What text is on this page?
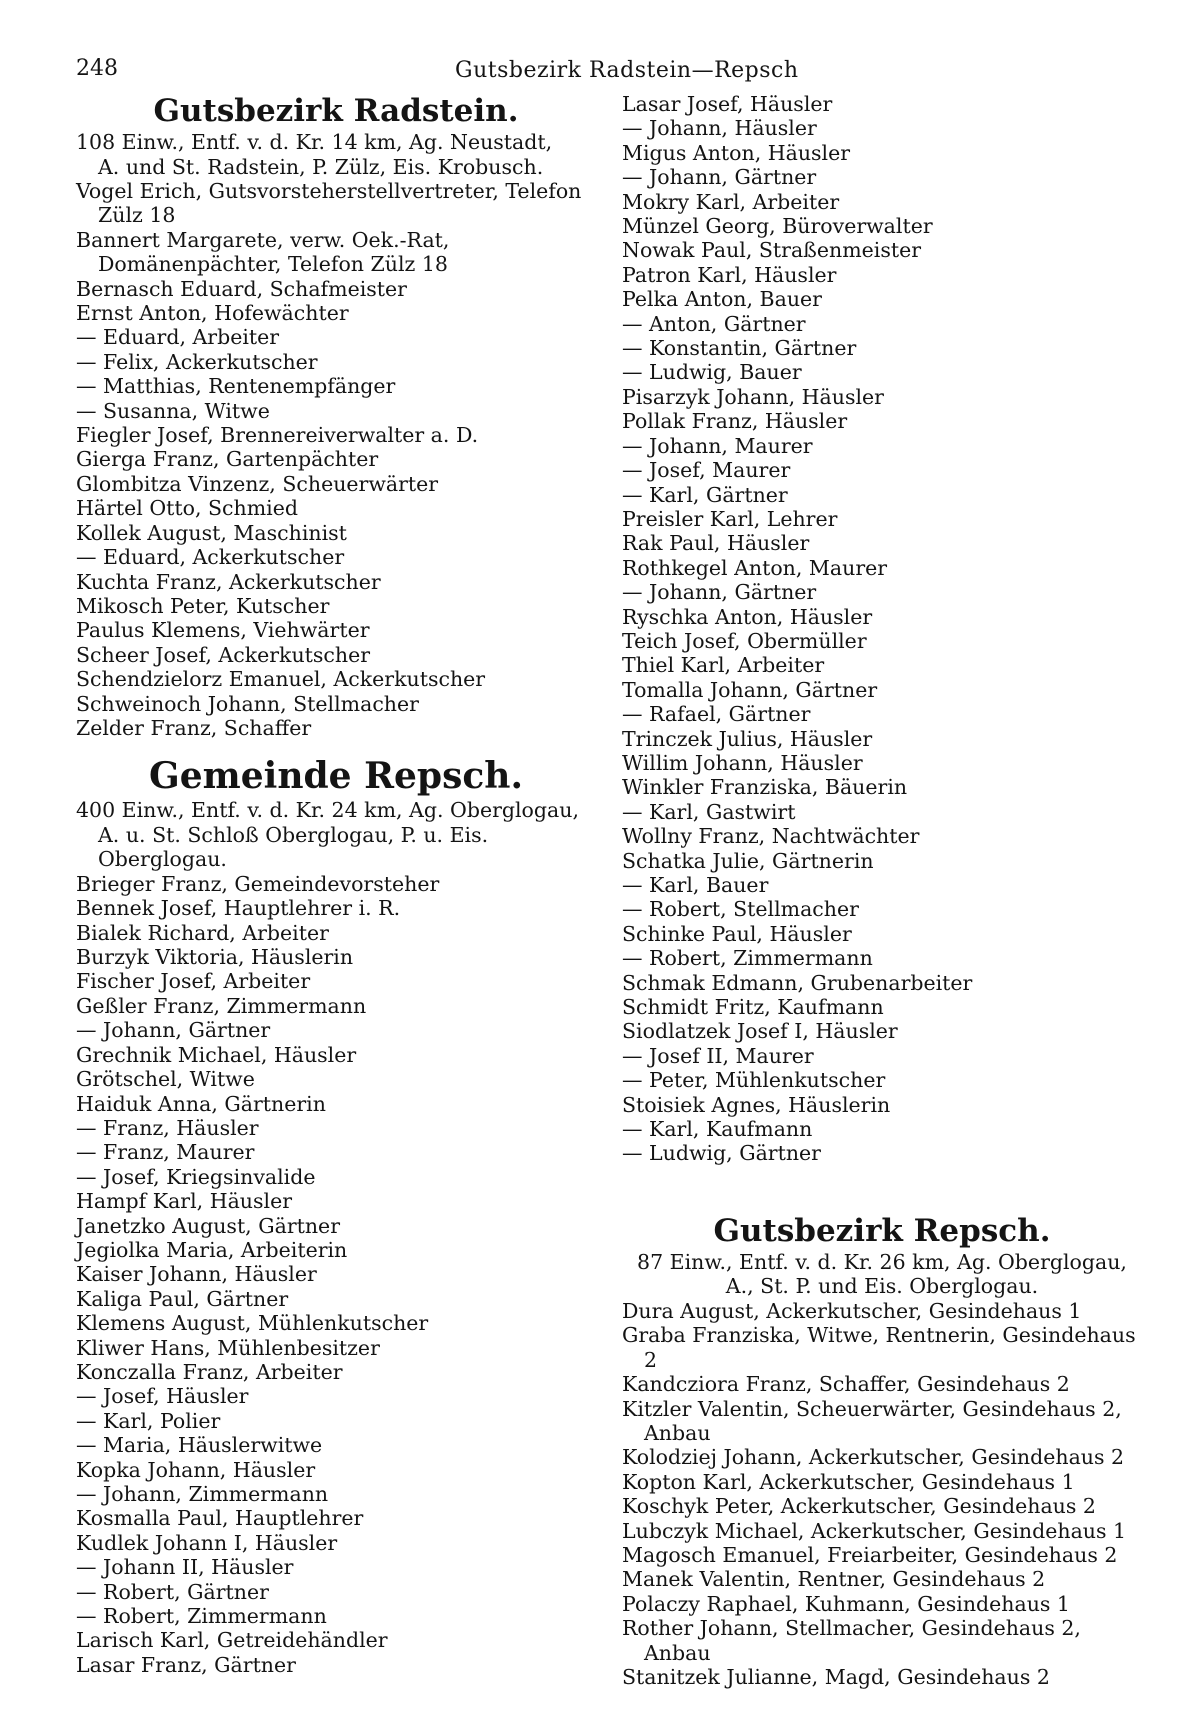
248	Gutsbezirk Radstein—Repsch
Gutsbezirk Radstein.

108 Einw., Entf. v. d. Kr. 14 km, Ag. Neustadt,
A. und St. Radstein, P. Zülz, Eis. Krobusch.

Vogel Erich, Gutsvorsteherstellvertreter, Telefon Zülz 18
Bannert Margarete, verw. Oek.-Rat, Domänenpächter, Telefon Zülz 18
Bernasch Eduard, Schafmeister
Ernst Anton, Hofewächter
— Eduard, Arbeiter
— Felix, Ackerkutscher
— Matthias, Rentenempfänger
— Susanna, Witwe
Fiegler Josef, Brennereiverwalter a. D.
Gierga Franz, Gartenpächter
Glombitza Vinzenz, Scheuerwärter
Härtel Otto, Schmied
Kollek August, Maschinist
— Eduard, Ackerkutscher
Kuchta Franz, Ackerkutscher
Mikosch Peter, Kutscher
Paulus Klemens, Viehwärter
Scheer Josef, Ackerkutscher
Schendzielorz Emanuel, Ackerkutscher
Schweinoch Johann, Stellmacher
Zelder Franz, Schaffer
Gemeinde Repsch.

400 Einw., Entf. v. d. Kr. 24 km, Ag. Oberglogau,
A. u. St. Schloß Oberglogau, P. u. Eis. Oberglogau.

Brieger Franz, Gemeindevorsteher
Bennek Josef, Hauptlehrer i. R.
Bialek Richard, Arbeiter
Burzyk Viktoria, Häuslerin
Fischer Josef, Arbeiter
Geßler Franz, Zimmermann
— Johann, Gärtner
Grechnik Michael, Häusler
Grötschel, Witwe
Haiduk Anna, Gärtnerin
— Franz, Häusler
— Franz, Maurer
— Josef, Kriegsinvalide
Hampf Karl, Häusler
Janetzko August, Gärtner
Jegiolka Maria, Arbeiterin
Kaiser Johann, Häusler
Kaliga Paul, Gärtner
Klemens August, Mühlenkutscher
Kliwer Hans, Mühlenbesitzer
Konczalla Franz, Arbeiter
— Josef, Häusler
— Karl, Polier
— Maria, Häuslerwitwe
Kopka Johann, Häusler
— Johann, Zimmermann
Kosmalla Paul, Hauptlehrer
Kudlek Johann I, Häusler
— Johann II, Häusler
— Robert, Gärtner
— Robert, Zimmermann
Larisch Karl, Getreidehändler
Lasar Franz, Gärtner
Lasar Josef, Häusler
— Johann, Häusler
Migus Anton, Häusler
— Johann, Gärtner
Mokry Karl, Arbeiter
Münzel Georg, Büroverwalter
Nowak Paul, Straßenmeister
Patron Karl, Häusler
Pelka Anton, Bauer
— Anton, Gärtner
— Konstantin, Gärtner
— Ludwig, Bauer
Pisarzyk Johann, Häusler
Pollak Franz, Häusler
— Johann, Maurer
— Josef, Maurer
— Karl, Gärtner
Preisler Karl, Lehrer
Rak Paul, Häusler
Rothkegel Anton, Maurer
— Johann, Gärtner
Ryschka Anton, Häusler
Teich Josef, Obermüller
Thiel Karl, Arbeiter
Tomalla Johann, Gärtner
— Rafael, Gärtner
Trinczek Julius, Häusler
Willim Johann, Häusler
Winkler Franziska, Bäuerin
— Karl, Gastwirt
Wollny Franz, Nachtwächter
Schatka Julie, Gärtnerin
— Karl, Bauer
— Robert, Stellmacher
Schinke Paul, Häusler
— Robert, Zimmermann
Schmak Edmann, Grubenarbeiter
Schmidt Fritz, Kaufmann
Siodlatzek Josef I, Häusler
— Josef II, Maurer
— Peter, Mühlenkutscher
Stoisiek Agnes, Häuslerin
— Karl, Kaufmann
— Ludwig, Gärtner
Gutsbezirk Repsch.

87 Einw., Entf. v. d. Kr. 26 km, Ag. Oberglogau,
A., St. P. und Eis. Oberglogau.

Dura August, Ackerkutscher, Gesindehaus 1
Graba Franziska, Witwe, Rentnerin, Gesindehaus 2
Kandcziora Franz, Schaffer, Gesindehaus 2
Kitzler Valentin, Scheuerwärter, Gesindehaus 2, Anbau
Kolodziej Johann, Ackerkutscher, Gesindehaus 2
Kopton Karl, Ackerkutscher, Gesindehaus 1
Koschyk Peter, Ackerkutscher, Gesindehaus 2
Lubczyk Michael, Ackerkutscher, Gesindehaus 1
Magosch Emanuel, Freiarbeiter, Gesindehaus 2
Manek Valentin, Rentner, Gesindehaus 2
Polaczy Raphael, Kuhmann, Gesindehaus 1
Rother Johann, Stellmacher, Gesindehaus 2, Anbau
Stanitzek Julianne, Magd, Gesindehaus 2
